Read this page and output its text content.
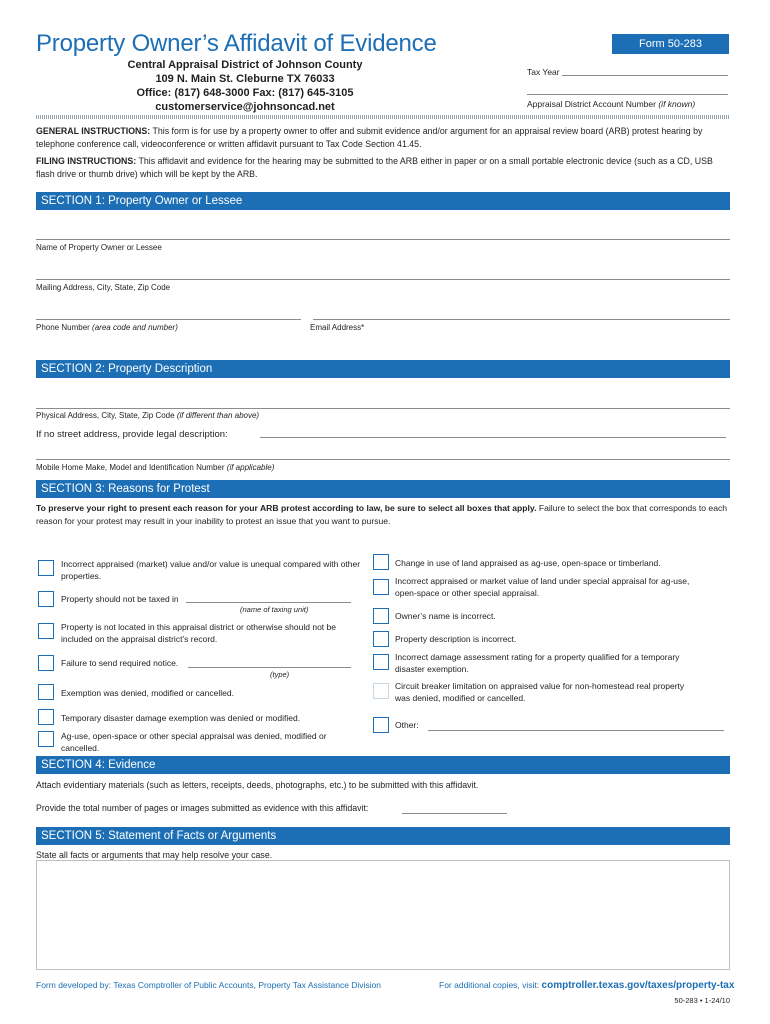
Property Owner’s Affidavit of Evidence	Form 50-283
Central Appraisal District of Johnson County
109 N. Main St. Cleburne TX 76033
Office: (817) 648-3000 Fax: (817) 645-3105
customerservice@johnsoncad.net
Tax Year
Appraisal District Account Number (if known)
GENERAL INSTRUCTIONS: This form is for use by a property owner to offer and submit evidence and/or argument for an appraisal review board (ARB) protest hearing by telephone conference call, videoconference or written affidavit pursuant to Tax Code Section 41.45.
FILING INSTRUCTIONS: This affidavit and evidence for the hearing may be submitted to the ARB either in paper or on a small portable electronic device (such as a CD, USB flash drive or thumb drive) which will be kept by the ARB.
SECTION 1: Property Owner or Lessee
Name of Property Owner or Lessee
Mailing Address, City, State, Zip Code
Phone Number (area code and number)	Email Address*
SECTION 2: Property Description
Physical Address, City, State, Zip Code (if different than above)
If no street address, provide legal description:
Mobile Home Make, Model and Identification Number (if applicable)
SECTION 3: Reasons for Protest
To preserve your right to present each reason for your ARB protest according to law, be sure to select all boxes that apply. Failure to select the box that corresponds to each reason for your protest may result in your inability to protest an issue that you want to pursue.
Incorrect appraised (market) value and/or value is unequal compared with other properties.
Property should not be taxed in
(name of taxing unit)
Property is not located in this appraisal district or otherwise should not be included on the appraisal district’s record.
Failure to send required notice.
(type)
Exemption was denied, modified or cancelled.
Temporary disaster damage exemption was denied or modified.
Ag-use, open-space or other special appraisal was denied, modified or cancelled.
Change in use of land appraised as ag-use, open-space or timberland.
Incorrect appraised or market value of land under special appraisal for ag-use, open-space or other special appraisal.
Owner’s name is incorrect.
Property description is incorrect.
Incorrect damage assessment rating for a property qualified for a temporary disaster exemption.
Circuit breaker limitation on appraised value for non-homestead real property was denied, modified or cancelled.
Other:
SECTION 4: Evidence
Attach evidentiary materials (such as letters, receipts, deeds, photographs, etc.) to be submitted with this affidavit.
Provide the total number of pages or images submitted as evidence with this affidavit:
SECTION 5: Statement of Facts or Arguments
State all facts or arguments that may help resolve your case.
Form developed by: Texas Comptroller of Public Accounts, Property Tax Assistance Division	For additional copies, visit: comptroller.texas.gov/taxes/property-tax
50-283 • 1-24/10
